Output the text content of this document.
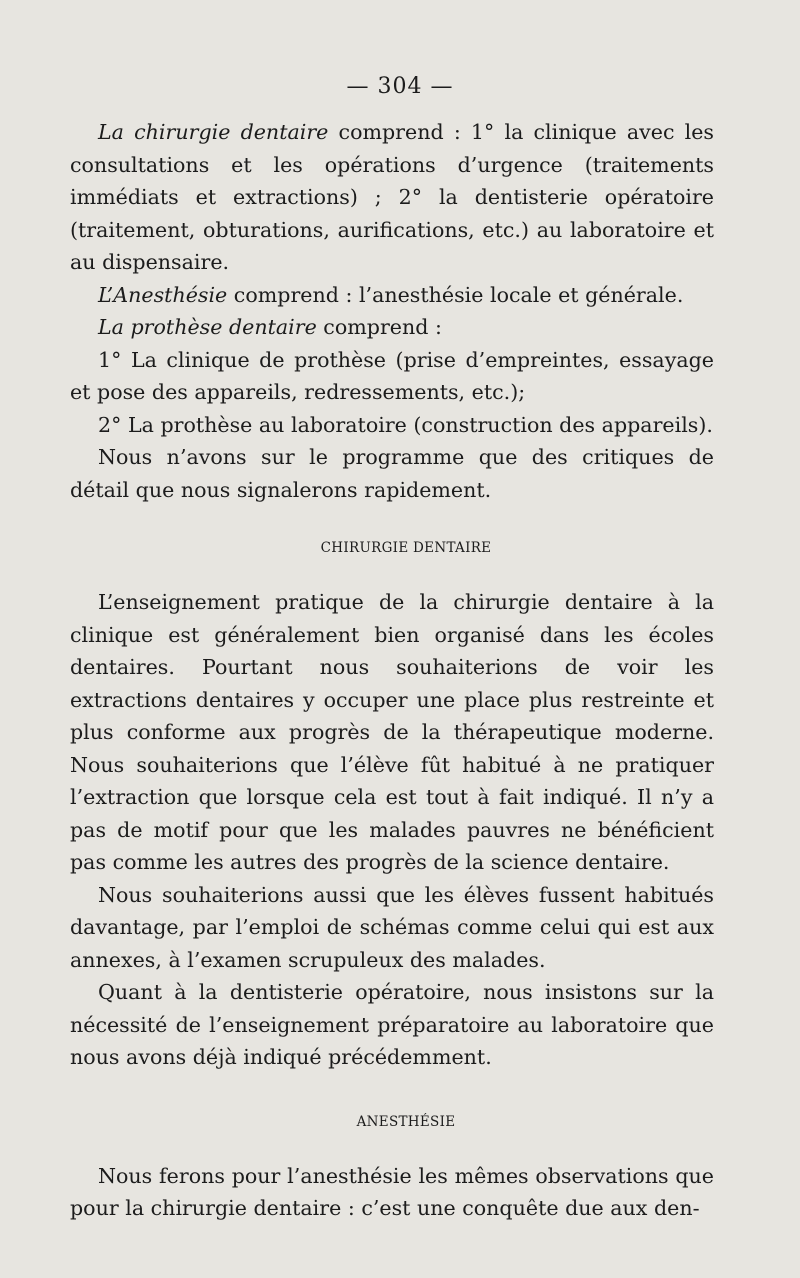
— 304 —

La chirurgie dentaire comprend : 1° la clinique avec les consultations et les opérations d’urgence (traitements immédiats et extractions) ; 2° la dentisterie opératoire (traitement, obturations, aurifications, etc.) au laboratoire et au dispensaire.

L’Anesthésie comprend : l’anesthésie locale et générale.

La prothèse dentaire comprend :

1° La clinique de prothèse (prise d’empreintes, essayage et pose des appareils, redressements, etc.);

2° La prothèse au laboratoire (construction des appareils).

Nous n’avons sur le programme que des critiques de détail que nous signalerons rapidement.

CHIRURGIE DENTAIRE

L’enseignement pratique de la chirurgie dentaire à la clinique est généralement bien organisé dans les écoles dentaires. Pourtant nous souhaiterions de voir les extractions dentaires y occuper une place plus restreinte et plus conforme aux progrès de la thérapeutique moderne. Nous souhaiterions que l’élève fût habitué à ne pratiquer l’extraction que lorsque cela est tout à fait indiqué. Il n’y a pas de motif pour que les malades pauvres ne bénéficient pas comme les autres des progrès de la science dentaire.

Nous souhaiterions aussi que les élèves fussent habitués davantage, par l’emploi de schémas comme celui qui est aux annexes, à l’examen scrupuleux des malades.

Quant à la dentisterie opératoire, nous insistons sur la nécessité de l’enseignement préparatoire au laboratoire que nous avons déjà indiqué précédemment.

ANESTHÉSIE

Nous ferons pour l’anesthésie les mêmes observations que pour la chirurgie dentaire : c’est une conquête due aux den-
